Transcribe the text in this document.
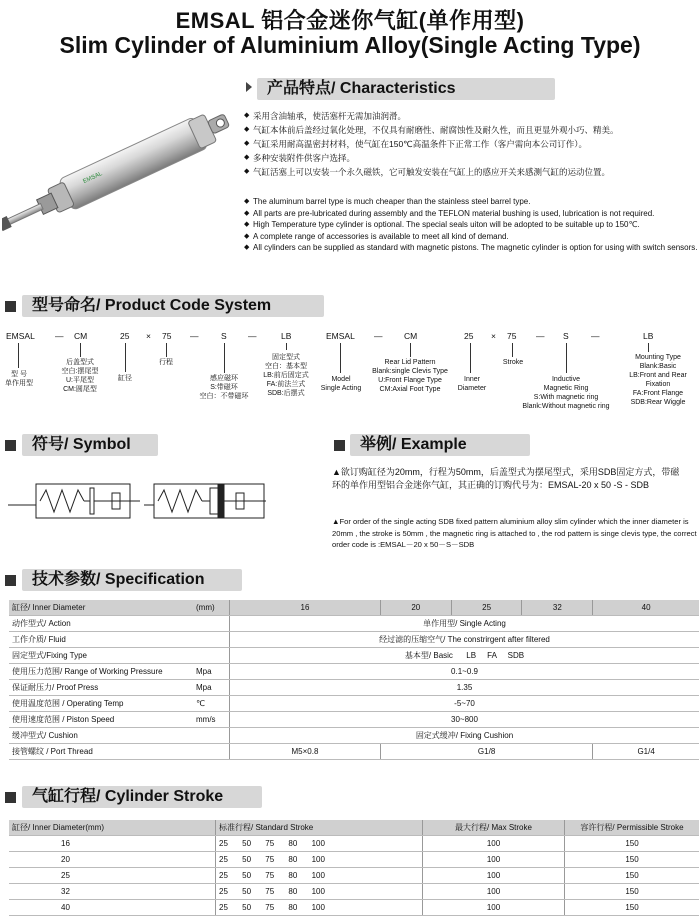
EMSAL 铝合金迷你气缸(单作用型)
Slim Cylinder of Aluminium Alloy(Single Acting Type)
EMSAL
产品特点/ Characteristics
◆ 采用含油轴承，使活塞杆无需加油润滑。
◆ 气缸本体前后盖经过氧化处理，不仅具有耐磨性、耐腐蚀性及耐久性，而且更显外观小巧、精美。
◆ 气缸采用耐高温密封材料，使气缸在150℃高温条件下正常工作（客户需向本公司订作）。
◆ 多种安装附件供客户选择。
◆ 气缸活塞上可以安装一个永久磁铁，它可触发安装在气缸上的感应开关来感测气缸的运动位置。
◆ The aluminum barrel type is much cheaper than the stainless steel barrel type.
◆ All parts are pre-lubricated during assembly and the TEFLON material bushing is used, lubrication is not required.
◆ High Temperature type cylinder is optional. The special seals uiton will be adopted to be suitable up to 150℃.
◆ A complete range of accessories is available to meet all kind of demand.
◆ All cylinders can be supplied as standard with magnetic pistons. The magnetic cylinder is option for using with switch sensors.
型号命名/ Product Code System
EMSAL — CM	25 × 75 —	S	—	LB
型 号
单作用型
后盖型式
空白:摆尾型
U:平尾型
CM:圆尾型
缸径
行程
感应磁环
S:带磁环
空白：不带磁环
固定型式
空白：基本型
LB:前后固定式
FA:前法兰式
SDB:后摆式
EMSAL —	CM	25 × 75 — S	—	LB
Model
Single Acting
Rear Lid Pattern
Blank:single Clevis Type
U:Front Flange Type
CM:Axial Foot Type
Inner
Diameter
Stroke
Inductive
Magnetic Ring
S:With magnetic ring
Blank:Without magnetic ring
Mounting Type
Blank:Basic
LB:Front and Rear Fixation
FA:Front Flange
SDB:Rear Wiggle
符号/ Symbol	举例/ Example
▲欲订购缸径为20mm，行程为50mm，后盖型式为摆尾型式，采用SDB固定方式，带磁环的单作用型铝合金迷你气缸，其正确的订购代号为：EMSAL-20 x 50 -S - SDB
▲For order of the single acting SDB fixed pattern aluminium alloy slim cylinder which the inner diameter is 20mm , the stroke is 50mm , the magnetic ring is attached to , the rod pattern is singe clevis type, the correct order code is :EMSAL－20 x 50－S－SDB
技术参数/ Specification
缸径/ Inner Diameter	(mm)	16	20	25	32	40
动作型式/ Action		单作用型/ Single Acting				
工作介质/ Fluid		经过滤的压缩空气/ The constrirgent after filtered				
固定型式/Fixing Type		基本型/ Basic      LB     FA     SDB				
使用压力范围/ Range of Working Pressure	Mpa	0.1~0.9				
保证耐压力/ Proof Press	Mpa	1.35				
使用温度范围 / Operating Temp	℃	-5~70				
使用速度范围 / Piston Speed	mm/s	30~800				
缓冲型式/ Cushion		固定式缓冲/ Fixing Cushion				
接管螺纹 / Port Thread		M5×0.8	G1/8			G1/4
气缸行程/ Cylinder Stroke
缸径/ Inner Diameter(mm)	标准行程/ Standard Stroke	最大行程/ Max Stroke	容许行程/ Permissible Stroke
16	25 50 75 80 100	100	150
20	25 50 75 80 100	100	150
25	25 50 75 80 100	100	150
32	25 50 75 80 100	100	150
40	25 50 75 80 100	100	150
